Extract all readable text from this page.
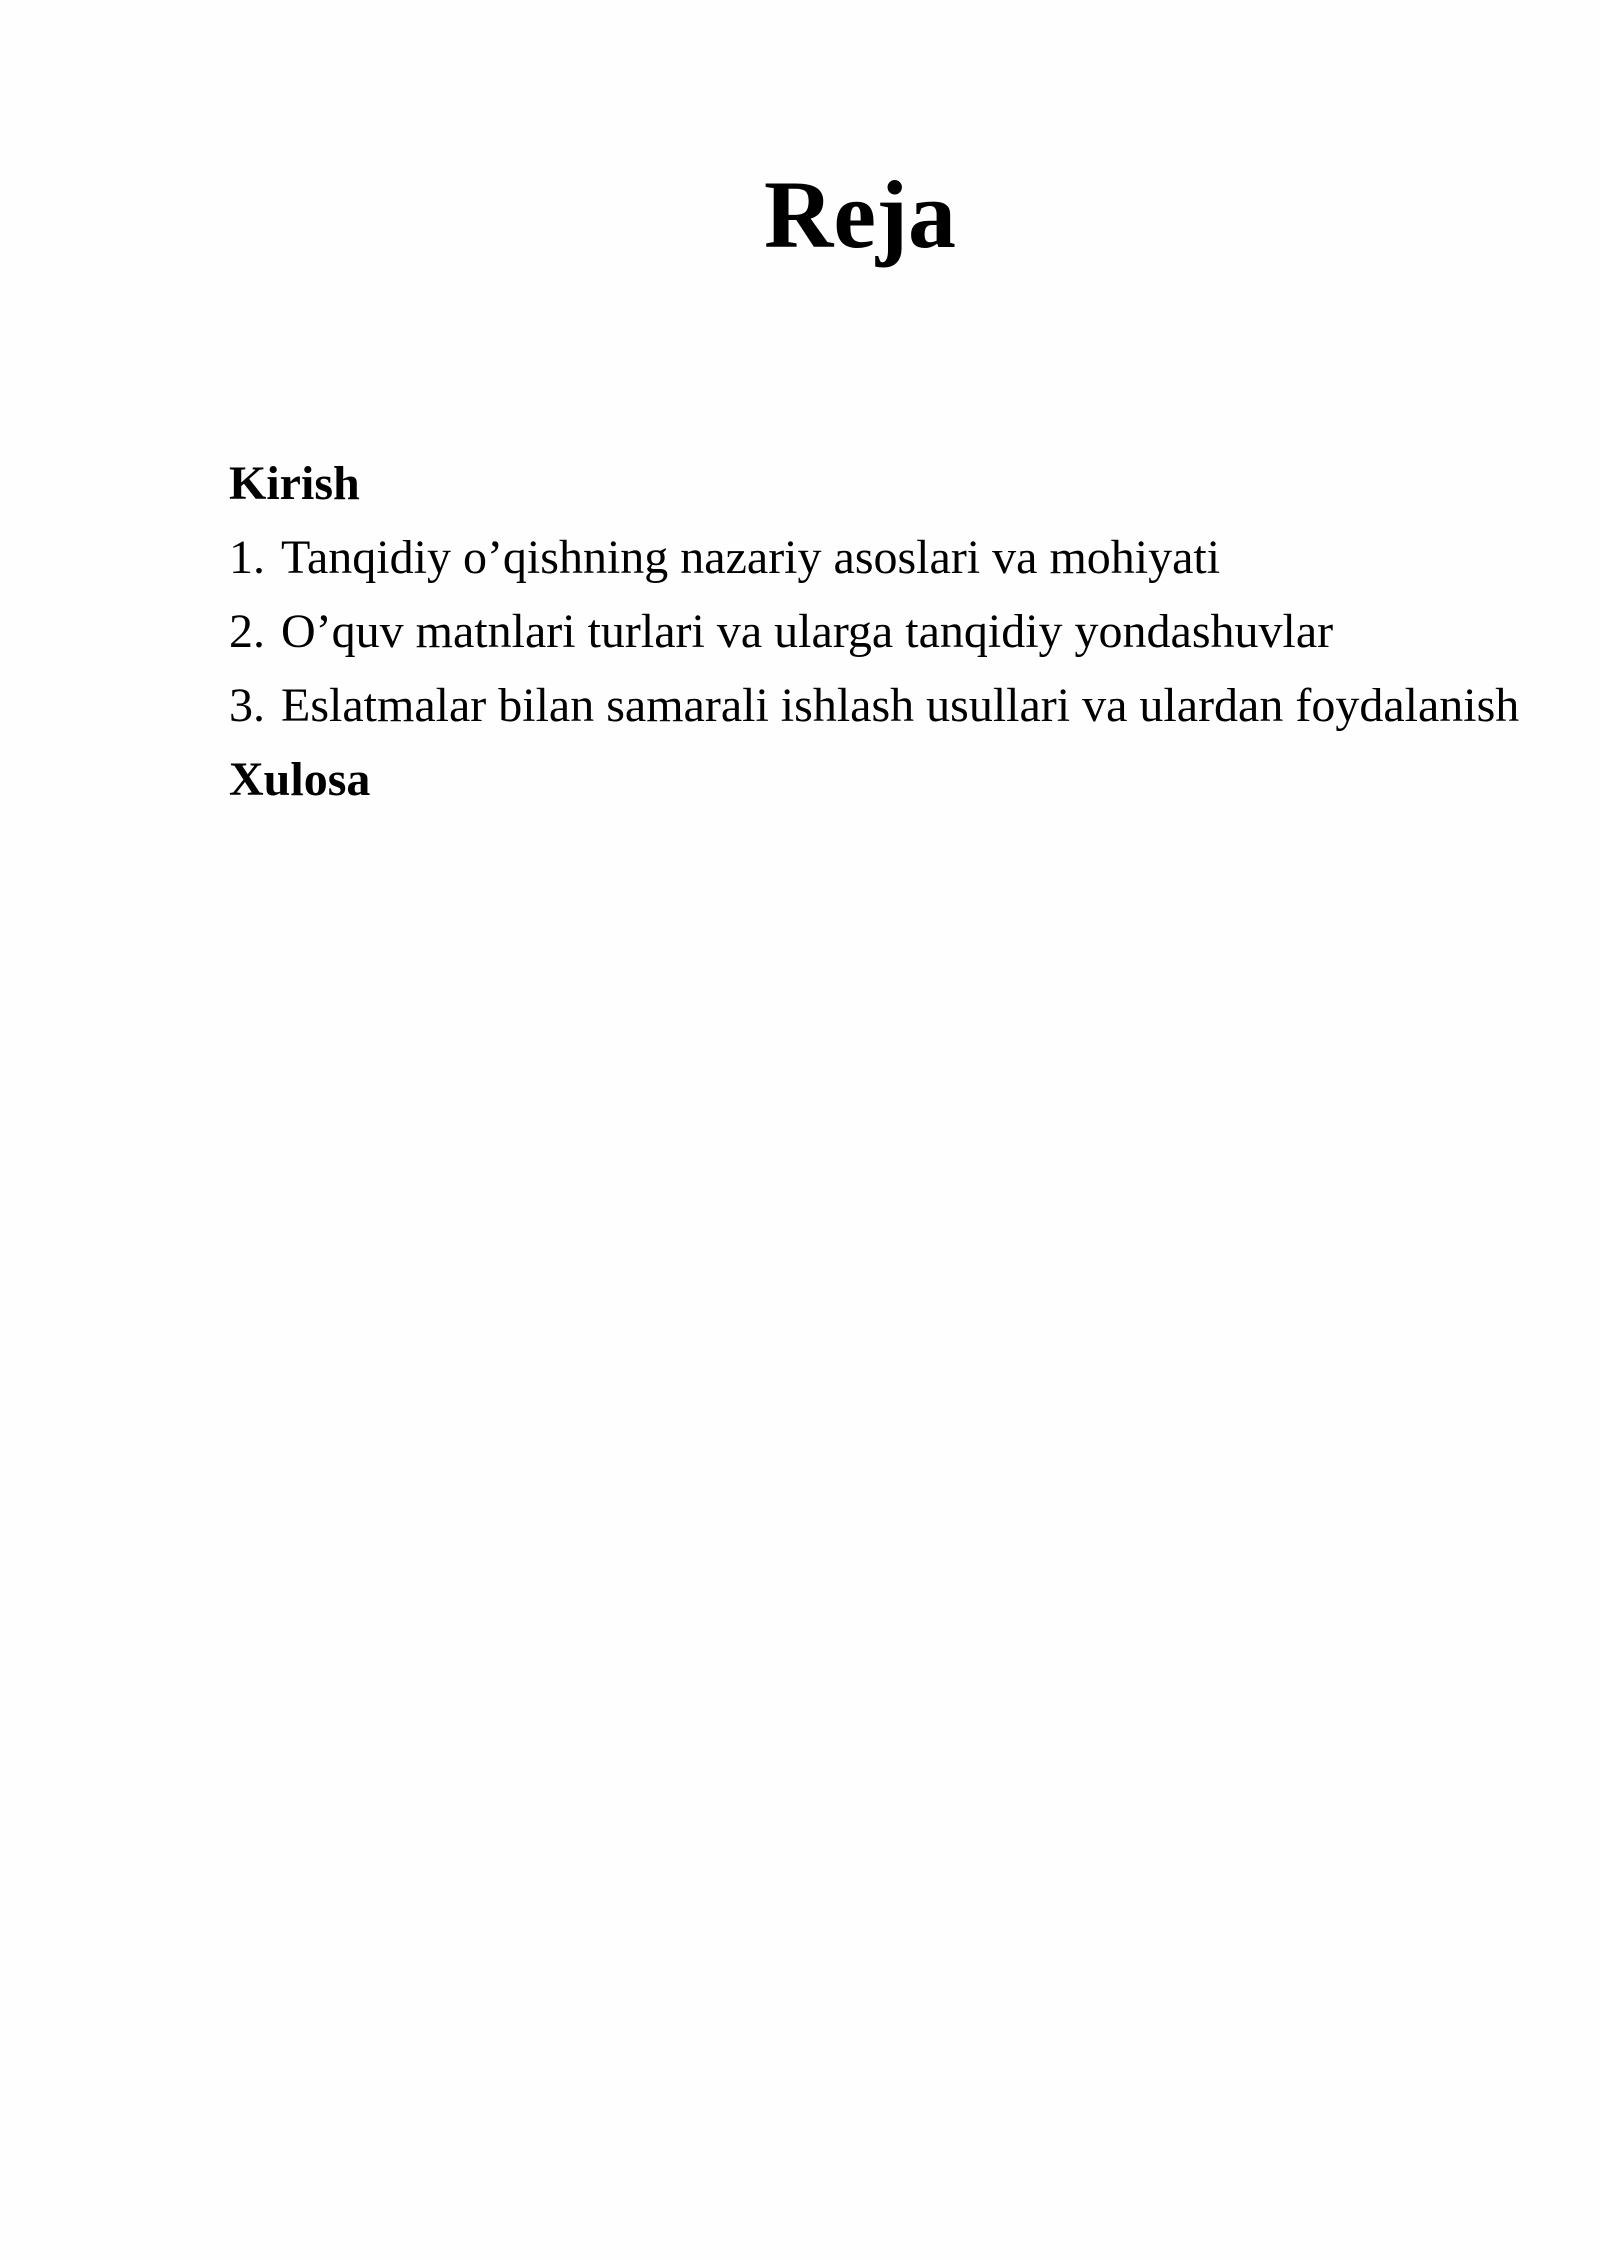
Reja
Kirish
1. Tanqidiy o’qishning nazariy asoslari va mohiyati
2. O’quv matnlari turlari va ularga tanqidiy yondashuvlar
3. Eslatmalar bilan samarali ishlash usullari va ulardan foydalanish
Xulosa
